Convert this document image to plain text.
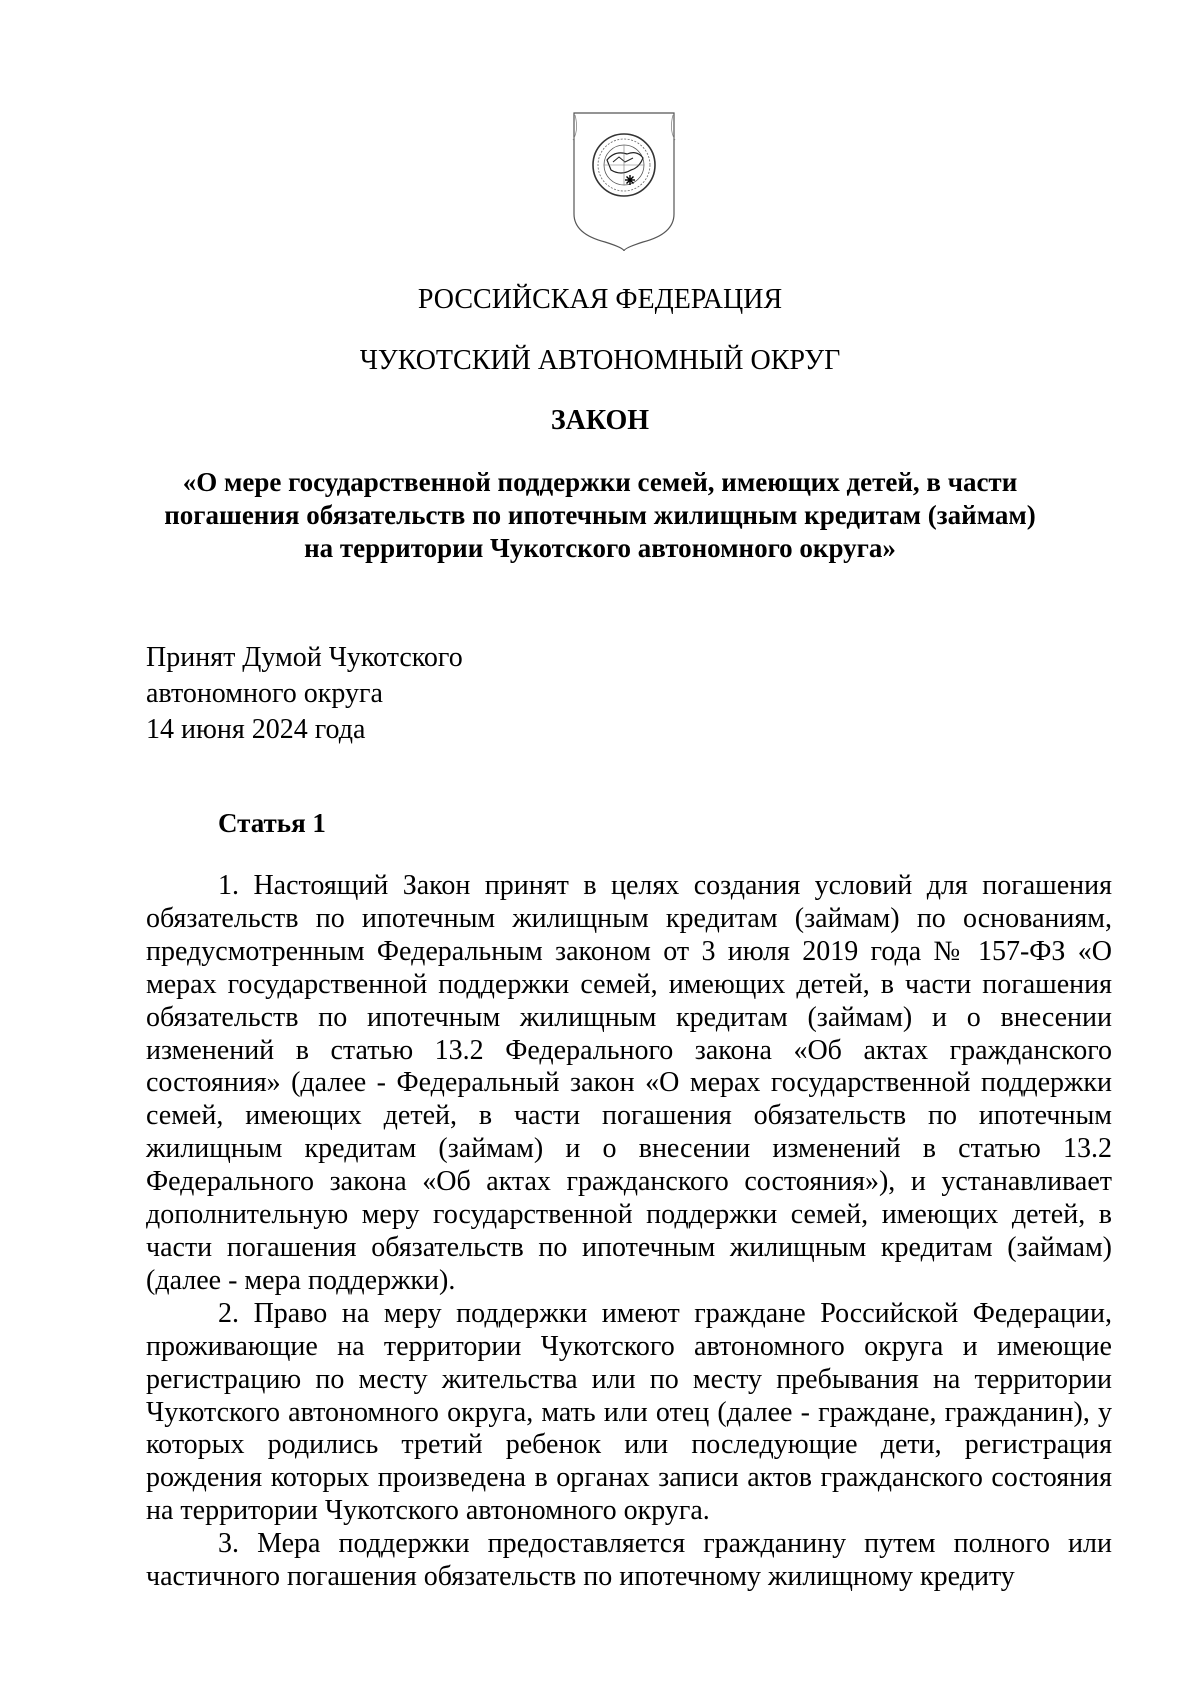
РОССИЙСКАЯ ФЕДЕРАЦИЯ
ЧУКОТСКИЙ АВТОНОМНЫЙ ОКРУГ
ЗАКОН
«О мере государственной поддержки семей, имеющих детей, в части
погашения обязательств по ипотечным жилищным кредитам (займам)
на территории Чукотского автономного округа»
Принят Думой Чукотского
автономного округа
14 июня 2024 года
Статья 1

1. Настоящий Закон принят в целях создания условий для погашения обязательств по ипотечным жилищным кредитам (займам) по основаниям, предусмотренным Федеральным законом от 3 июля 2019 года № 157-ФЗ «О мерах государственной поддержки семей, имеющих детей, в части погашения обязательств по ипотечным жилищным кредитам (займам) и о внесении изменений в статью 13.2 Федерального закона «Об актах гражданского состояния» (далее - Федеральный закон «О мерах государственной поддержки семей, имеющих детей, в части погашения обязательств по ипотечным жилищным кредитам (займам) и о внесении изменений в статью 13.2 Федерального закона «Об актах гражданского состояния»), и устанавливает дополнительную меру государственной поддержки семей, имеющих детей, в части погашения обязательств по ипотечным жилищным кредитам (займам) (далее - мера поддержки).

2. Право на меру поддержки имеют граждане Российской Федерации, проживающие на территории Чукотского автономного округа и имеющие регистрацию по месту жительства или по месту пребывания на территории Чукотского автономного округа, мать или отец (далее - граждане, гражданин), у которых родились третий ребенок или последующие дети, регистрация рождения которых произведена в органах записи актов гражданского состояния на территории Чукотского автономного округа.

3. Мера поддержки предоставляется гражданину путем полного или частичного погашения обязательств по ипотечному жилищному кредиту
